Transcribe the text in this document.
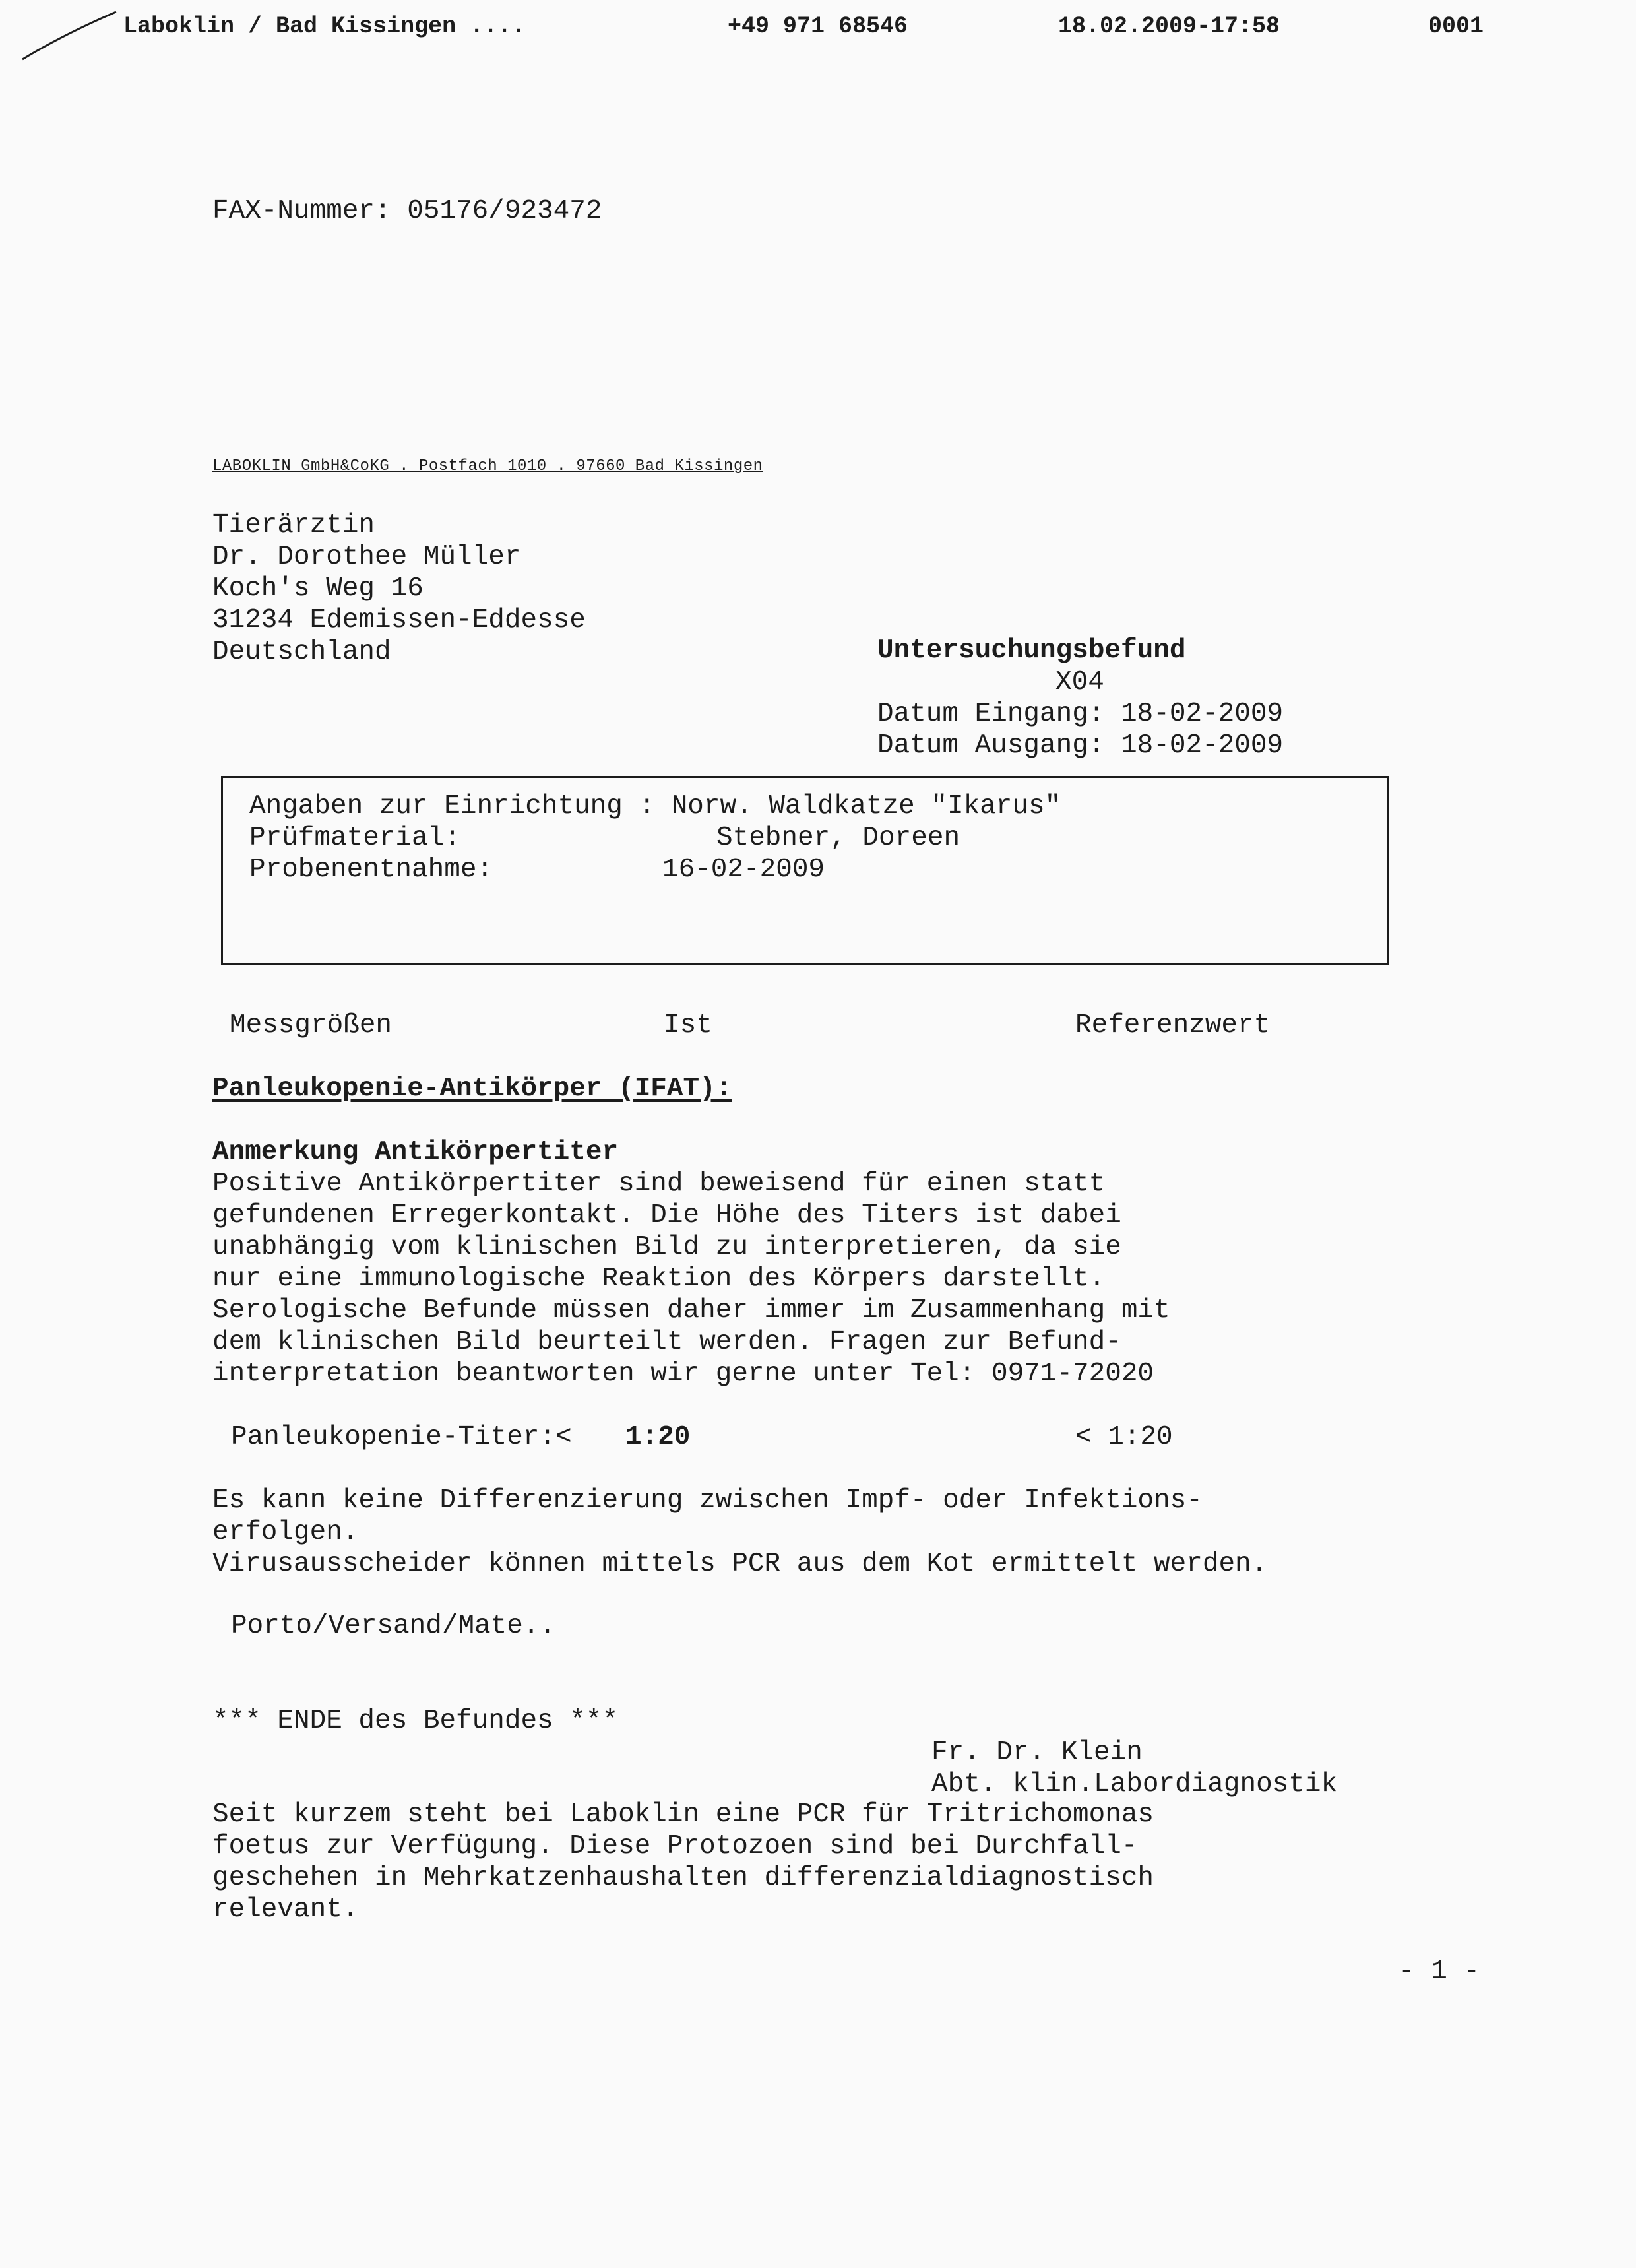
Laboklin / Bad Kissingen ....	+49 971 68546	18.02.2009-17:58	0001
FAX-Nummer: 05176/923472
LABOKLIN GmbH&CoKG . Postfach 1010 . 97660 Bad Kissingen
Tierärztin
Dr. Dorothee Müller
Koch's Weg 16
31234 Edemissen-Eddesse
Deutschland	Untersuchungsbefund
X04
Datum Eingang: 18-02-2009
Datum Ausgang: 18-02-2009
Angaben zur Einrichtung : Norw. Waldkatze "Ikarus"
Prüfmaterial:	Stebner, Doreen
Probenentnahme:	16-02-2009
Messgrößen	Ist	Referenzwert
Panleukopenie-Antikörper (IFAT):
Anmerkung Antikörpertiter
Positive Antikörpertiter sind beweisend für einen statt
gefundenen Erregerkontakt. Die Höhe des Titers ist dabei
unabhängig vom klinischen Bild zu interpretieren, da sie
nur eine immunologische Reaktion des Körpers darstellt.
Serologische Befunde müssen daher immer im Zusammenhang mit
dem klinischen Bild beurteilt werden. Fragen zur Befund-
interpretation beantworten wir gerne unter Tel: 0971-72020
Panleukopenie-Titer:< 1:20	< 1:20
Es kann keine Differenzierung zwischen Impf- oder Infektions-
erfolgen.
Virusausscheider können mittels PCR aus dem Kot ermittelt werden.
Porto/Versand/Mate..
*** ENDE des Befundes ***
Fr. Dr. Klein
Abt. klin.Labordiagnostik
Seit kurzem steht bei Laboklin eine PCR für Tritrichomonas
foetus zur Verfügung. Diese Protozoen sind bei Durchfall-
geschehen in Mehrkatzenhaushalten differenzialdiagnostisch
relevant.
- 1 -
